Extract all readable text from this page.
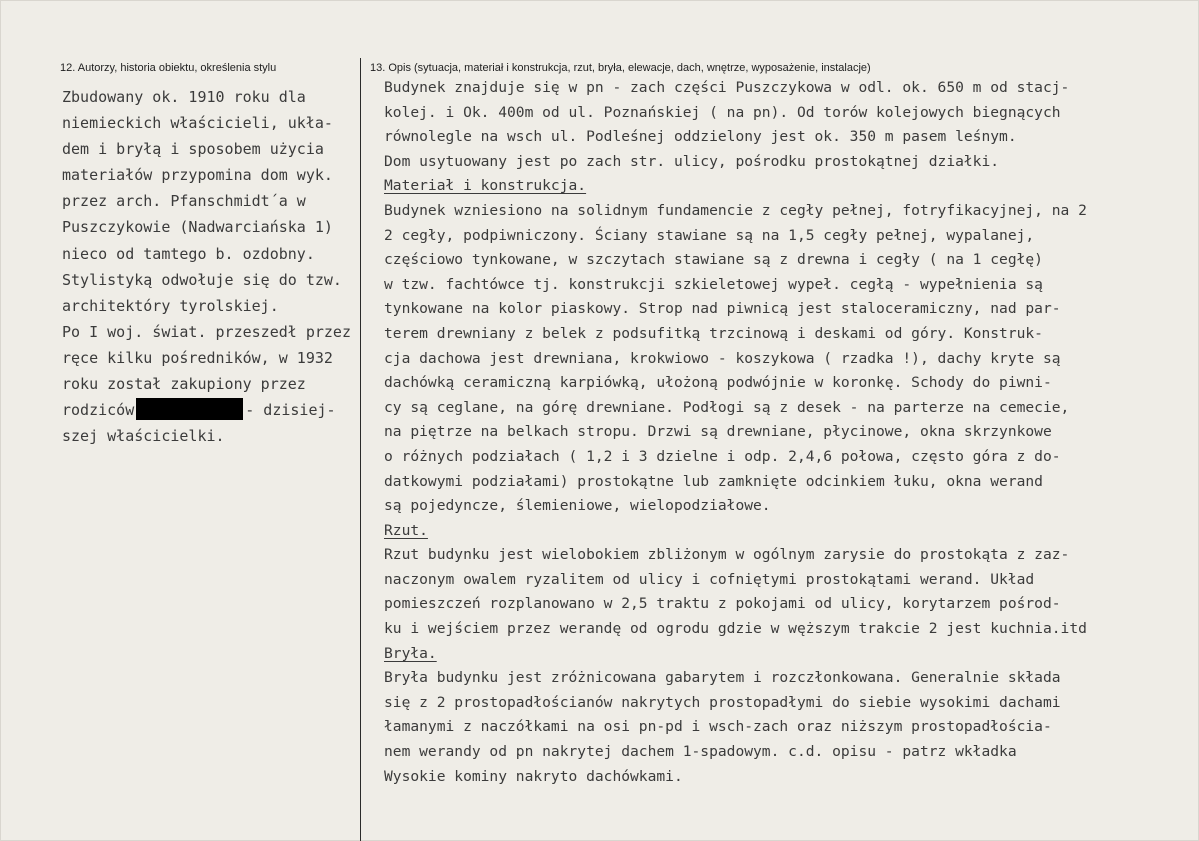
12. Autorzy, historia obiektu, określenia stylu	13. Opis (sytuacja, materiał i konstrukcja, rzut, bryła, elewacje, dach, wnętrze, wyposażenie, instalacje)
Zbudowany ok. 1910 roku dla
niemieckich właścicieli, ukła-
dem i bryłą i sposobem użycia
materiałów przypomina dom wyk.
przez arch. Pfanschmidt´a w
Puszczykowie (Nadwarciańska 1)
nieco od tamtego b. ozdobny.
Stylistyką odwołuje się do tzw.
architektóry tyrolskiej.
Po I woj. świat. przeszedł przez
ręce kilku pośredników, w 1932
roku został zakupiony przez
rodziców	- dzisiej-
szej właścicielki.
Budynek znajduje się w pn - zach części Puszczykowa w odl. ok. 650 m od stacj-
kolej. i Ok. 400m od ul. Poznańskiej ( na pn). Od torów kolejowych biegnących
równolegle na wsch ul. Podleśnej oddzielony jest ok. 350 m pasem leśnym.
Dom usytuowany jest po zach str. ulicy, pośrodku prostokątnej działki.
Materiał i konstrukcja.
Budynek wzniesiono na solidnym fundamencie z cegły pełnej, fotryfikacyjnej, na 2
2 cegły, podpiwniczony. Ściany stawiane są na 1,5 cegły pełnej, wypalanej,
częściowo tynkowane, w szczytach stawiane są z drewna i cegły ( na 1 cegłę)
w tzw. fachtówce tj. konstrukcji szkieletowej wypeł. cegłą - wypełnienia są
tynkowane na kolor piaskowy. Strop nad piwnicą jest staloceramiczny, nad par-
terem drewniany z belek z podsufitką trzcinową i deskami od góry. Konstruk-
cja dachowa jest drewniana, krokwiowo - koszykowa ( rzadka !), dachy kryte są
dachówką ceramiczną karpiówką, ułożoną podwójnie w koronkę. Schody do piwni-
cy są ceglane, na górę drewniane. Podłogi są z desek - na parterze na cemecie,
na piętrze na belkach stropu. Drzwi są drewniane, płycinowe, okna skrzynkowe
o różnych podziałach ( 1,2 i 3 dzielne i odp. 2,4,6 połowa, często góra z do-
datkowymi podziałami) prostokątne lub zamknięte odcinkiem łuku, okna werand
są pojedyncze, ślemieniowe, wielopodziałowe.
Rzut.
Rzut budynku jest wielobokiem zbliżonym w ogólnym zarysie do prostokąta z zaz-
naczonym owalem ryzalitem od ulicy i cofniętymi prostokątami werand. Układ
pomieszczeń rozplanowano w 2,5 traktu z pokojami od ulicy, korytarzem pośrod-
ku i wejściem przez werandę od ogrodu gdzie w węższym trakcie 2 jest kuchnia.itd
Bryła.
Bryła budynku jest zróżnicowana gabarytem i rozczłonkowana. Generalnie składa
się z 2 prostopadłościanów nakrytych prostopadłymi do siebie wysokimi dachami
łamanymi z naczółkami na osi pn-pd i wsch-zach oraz niższym prostopadłościa-
nem werandy od pn nakrytej dachem 1-spadowym. c.d. opisu - patrz wkładka
Wysokie kominy nakryto dachówkami.
